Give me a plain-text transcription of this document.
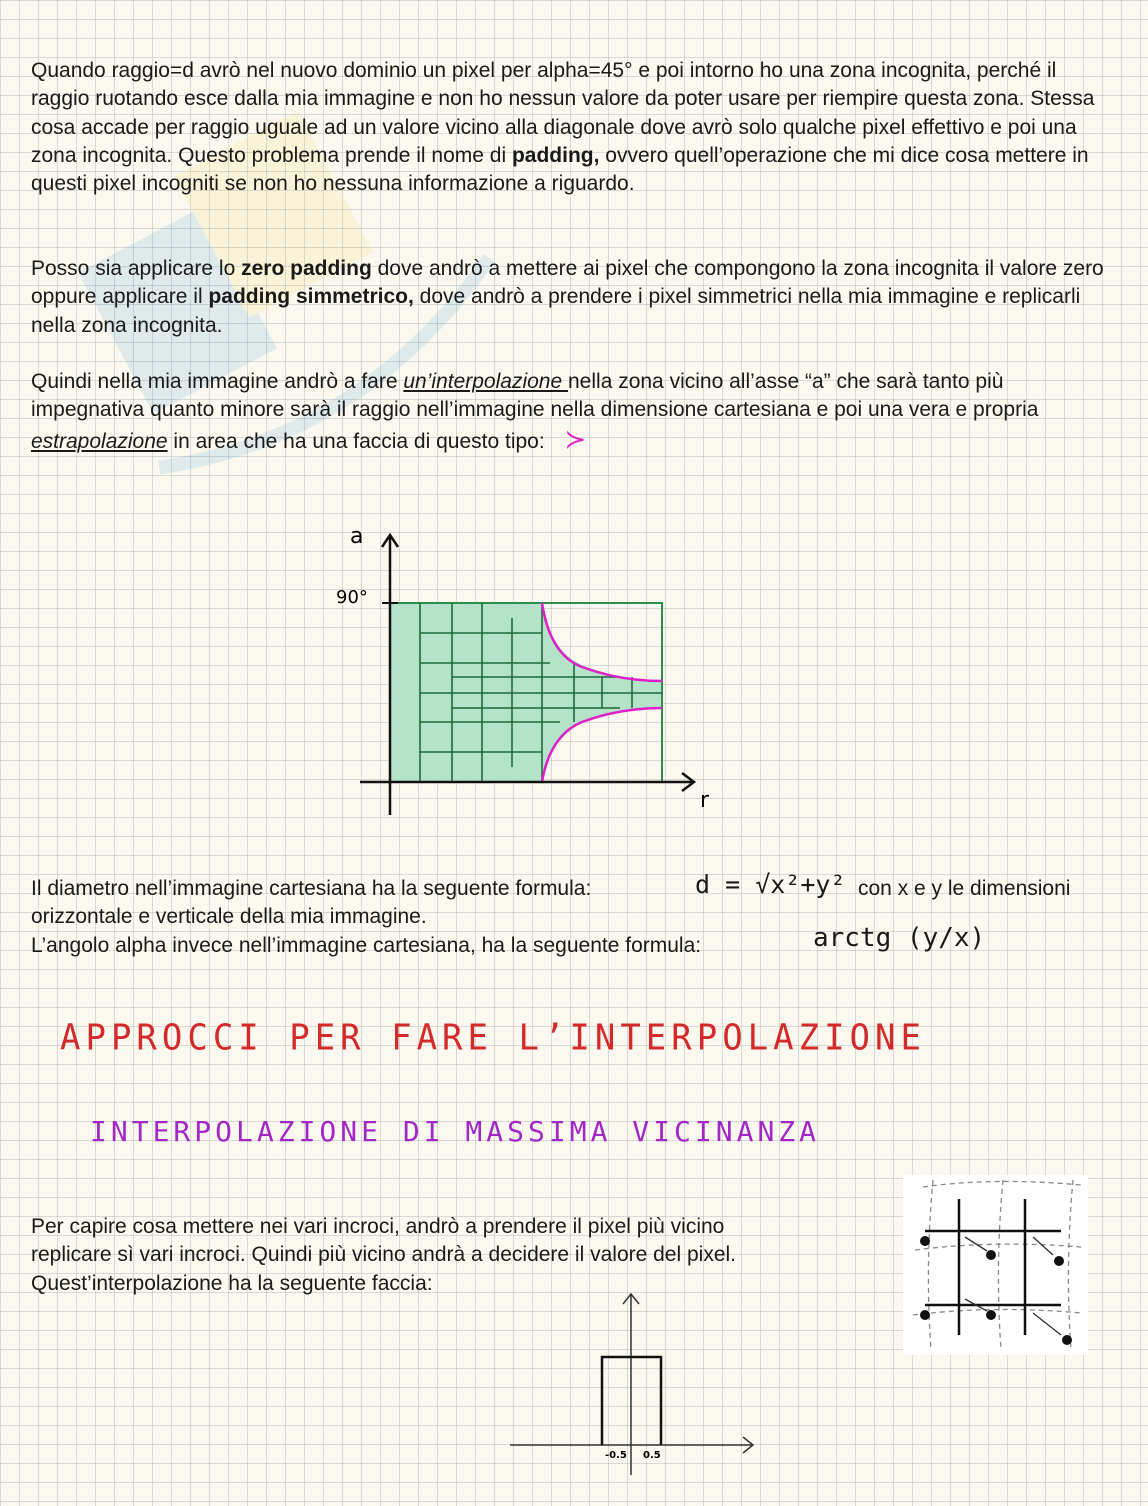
Quando raggio=d avrò nel nuovo dominio un pixel per alpha=45° e poi intorno ho una zona incognita, perché il raggio ruotando esce dalla mia immagine e non ho nessun valore da poter usare per riempire questa zona. Stessa cosa accade per raggio uguale ad un valore vicino alla diagonale dove avrò solo qualche pixel effettivo e poi una zona incognita. Questo problema prende il nome di padding, ovvero quell’operazione che mi dice cosa mettere in questi pixel incogniti se non ho nessuna informazione a riguardo.

Posso sia applicare lo zero padding dove andrò a mettere ai pixel che compongono la zona incognita il valore zero oppure applicare il padding simmetrico, dove andrò a prendere i pixel simmetrici nella mia immagine e replicarli nella zona incognita.

Quindi nella mia immagine andrò a fare un’interpolazione nella zona vicino all’asse “a” che sarà tanto più impegnativa quanto minore sarà il raggio nell’immagine nella dimensione cartesiana e poi una vera e propria estrapolazione in area che ha una faccia di questo tipo: ≻

a
90°
r
Il diametro nell’immagine cartesiana ha la seguente formula:	d = √x²+y² con x e y le dimensioni
orizzontale e verticale della mia immagine.
L’angolo alpha invece nell’immagine cartesiana, ha la seguente formula:	arctg (y/x)
APPROCCI PER FARE L’INTERPOLAZIONE
INTERPOLAZIONE DI MASSIMA VICINANZA
Per capire cosa mettere nei vari incroci, andrò a prendere il pixel più vicino
replicare sì vari incroci. Quindi più vicino andrà a decidere il valore del pixel.
Quest’interpolazione ha la seguente faccia:
-0.5 0.5
